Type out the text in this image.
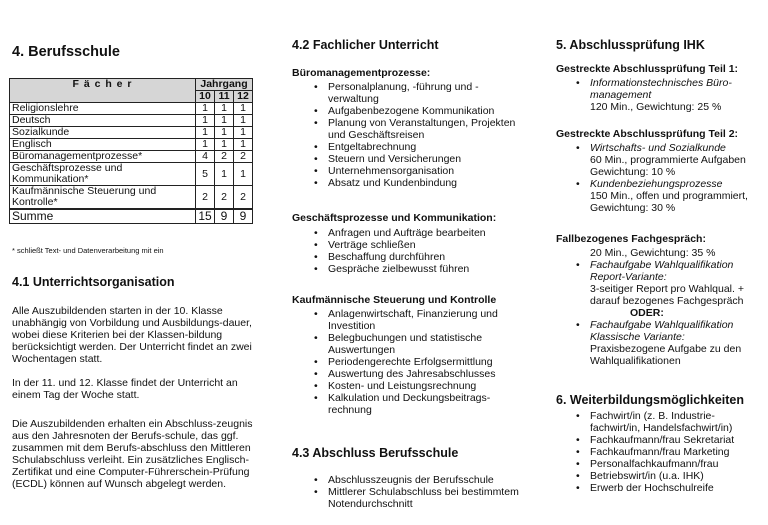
4. Berufsschule
F ä c h e r	Jahrgang		
	10	11	12
Religionslehre	1	1	1
Deutsch	1	1	1
Sozialkunde	1	1	1
Englisch	1	1	1
Büromanagementprozesse*	4	2	2
Geschäftsprozesse und Kommunikation*	5	1	1
Kaufmännische Steuerung und Kontrolle*	2	2	2
Summe	15	9	9
* schließt Text- und Datenverarbeitung mit ein
4.1 Unterrichtsorganisation
Alle Auszubildenden starten in der 10. Klasse unabhängig von Vorbildung und Ausbildungs-dauer, wobei diese Kriterien bei der Klassen-bildung berücksichtigt werden. Der Unterricht findet an zwei Wochentagen statt.
In der 11. und 12. Klasse findet der Unterricht an einem Tag der Woche statt.
Die Auszubildenden erhalten ein Abschluss-zeugnis aus den Jahresnoten der Berufs-schule, das ggf. zusammen mit dem Berufs-abschluss den Mittleren Schulabschluss verleiht. Ein zusätzliches Englisch-Zertifikat und eine Computer-Führerschein-Prüfung (ECDL) können auf Wunsch abgelegt werden.
4.2 Fachlicher Unterricht
Büromanagementprozesse:
• Personalplanung, -führung und -verwaltung
• Aufgabenbezogene Kommunikation
• Planung von Veranstaltungen, Projekten und Geschäftsreisen
• Entgeltabrechnung
• Steuern und Versicherungen
• Unternehmensorganisation
• Absatz und Kundenbindung
Geschäftsprozesse und Kommunikation:
• Anfragen und Aufträge bearbeiten
• Verträge schließen
• Beschaffung durchführen
• Gespräche zielbewusst führen
Kaufmännische Steuerung und Kontrolle
• Anlagenwirtschaft, Finanzierung und Investition
• Belegbuchungen und statistische Auswertungen
• Periodengerechte Erfolgsermittlung
• Auswertung des Jahresabschlusses
• Kosten- und Leistungsrechnung
• Kalkulation und Deckungsbeitrags-rechnung
4.3 Abschluss Berufsschule
• Abschlusszeugnis der Berufsschule
• Mittlerer Schulabschluss bei bestimmtem Notendurchschnitt
5. Abschlussprüfung IHK
Gestreckte Abschlussprüfung Teil 1:
• Informationstechnisches Büro-management
120 Min., Gewichtung: 25 %
Gestreckte Abschlussprüfung Teil 2:
• Wirtschafts- und Sozialkunde
60 Min., programmierte Aufgaben Gewichtung: 10 %
• Kundenbeziehungsprozesse
150 Min., offen und programmiert, Gewichtung: 30 %
Fallbezogenes Fachgespräch:
20 Min., Gewichtung: 35 %
• Fachaufgabe Wahlqualifikation Report-Variante:
3-seitiger Report pro Wahlqual. + darauf bezogenes Fachgespräch
ODER:
• Fachaufgabe Wahlqualifikation Klassische Variante:
Praxisbezogene Aufgabe zu den Wahlqualifikationen
6. Weiterbildungsmöglichkeiten
• Fachwirt/in (z. B. Industrie-fachwirt/in, Handelsfachwirt/in)
• Fachkaufmann/frau Sekretariat
• Fachkaufmann/frau Marketing
• Personalfachkaufmann/frau
• Betriebswirt/in (u.a. IHK)
• Erwerb der Hochschulreife
